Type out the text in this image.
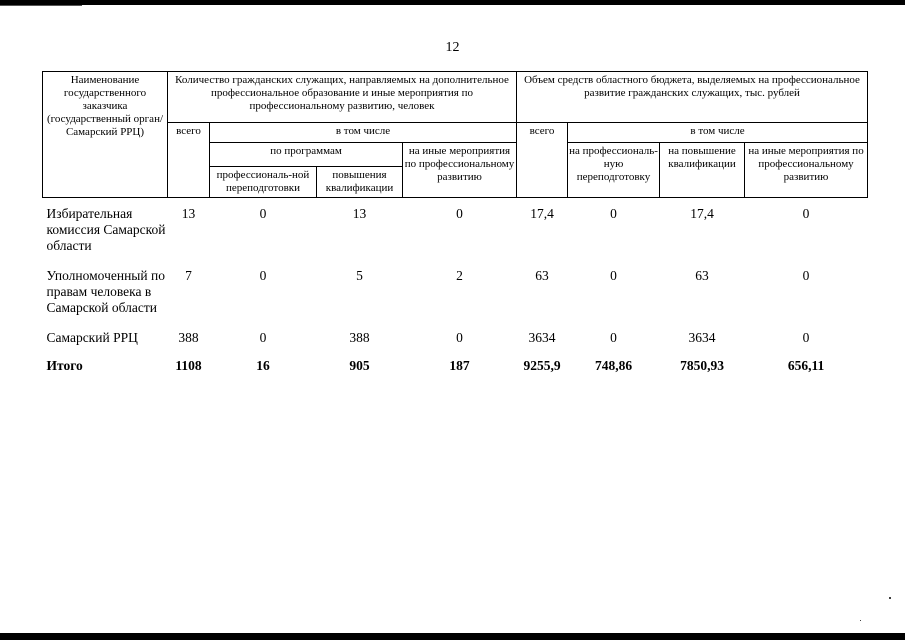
12
Наименование государственного заказчика (государственный орган/Самарский РРЦ)	Количество гражданских служащих, направляемых на дополнительное профессиональное образование и иные мероприятия по профессиональному развитию, человек				Объем средств областного бюджета, выделяемых на профессиональное развитие гражданских служащих, тыс. рублей			
	всего	в том числе			всего	в том числе		
		по программам		на иные мероприятия по профессиональному развитию		на профессиональ-ную переподготовку	на повышение квалификации	на иные мероприятия по профессиональному развитию
		профессиональ-ной переподготовки	повышения квалификации					
Избирательная комиссия Самарской области	13	0	13	0	17,4	0	17,4	0
Уполномоченный по правам человека в Самарской области	7	0	5	2	63	0	63	0
Самарский РРЦ	388	0	388	0	3634	0	3634	0
Итого	1108	16	905	187	9255,9	748,86	7850,93	656,11
